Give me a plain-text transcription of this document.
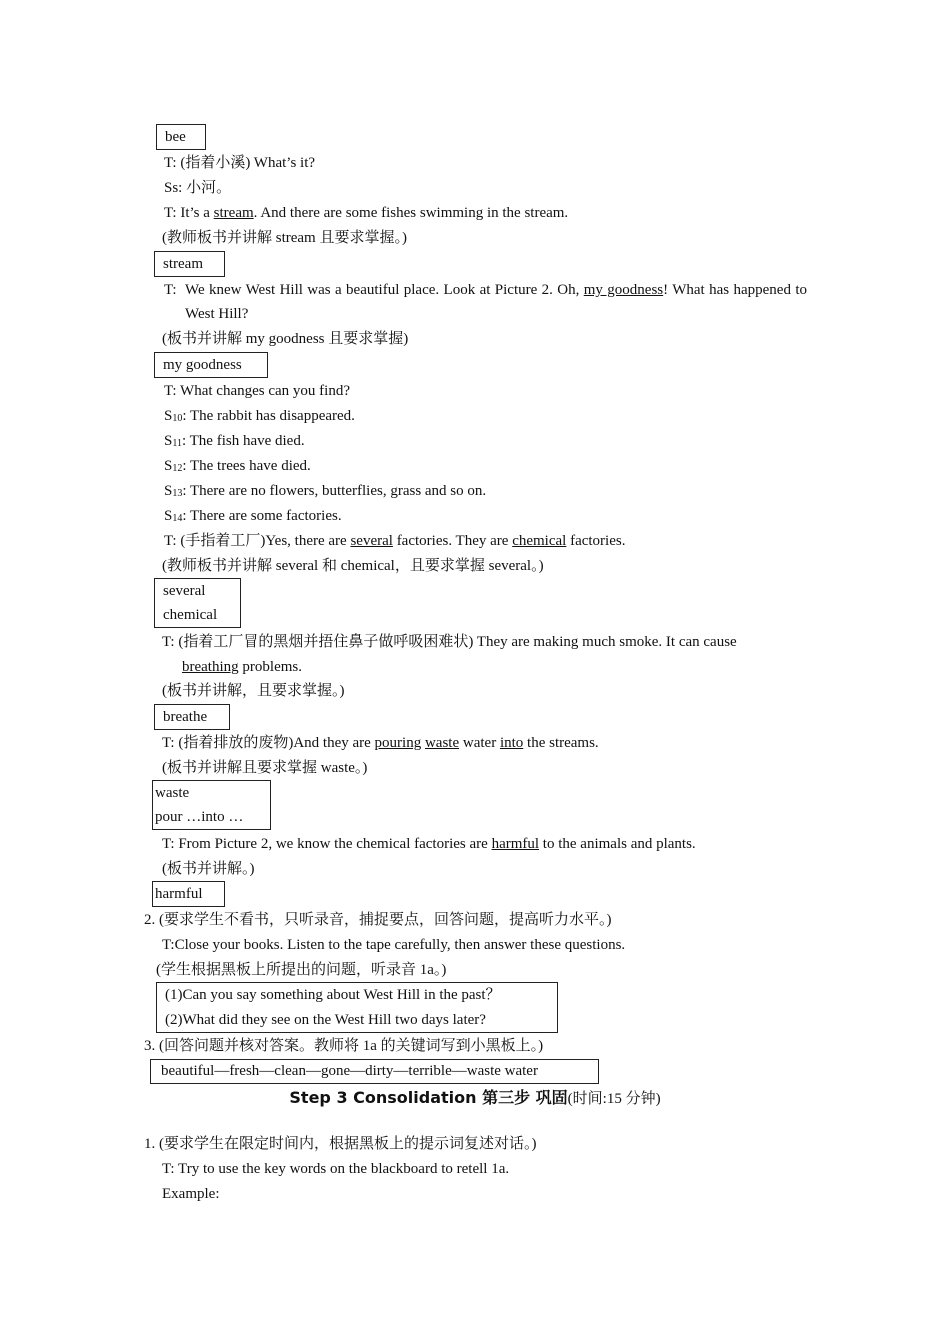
bee
T: (指着小溪) What’s it?
Ss: 小河。
T: It’s a stream. And there are some fishes swimming in the stream.
(教师板书并讲解 stream 且要求掌握。)
stream
T: We knew West Hill was a beautiful place. Look at Picture 2. Oh, my goodness! What has happened to West Hill?
(板书并讲解 my goodness 且要求掌握)
my goodness
T: What changes can you find?
$S_{10}$: The rabbit has disappeared.
$S_{11}$: The fish have died.
$S_{12}$: The trees have died.
$S_{13}$: There are no flowers, butterflies, grass and so on.
$S_{14}$: There are some factories.
T: (手指着工厂)Yes, there are several factories. They are chemical factories.
(教师板书并讲解 several 和 chemical，且要求掌握 several。)
several
chemical
T: (指着工厂冒的黑烟并捂住鼻子做呼吸困难状) They are making much smoke. It can cause
breathing problems.
(板书并讲解，且要求掌握。)
breathe
T: (指着排放的废物)And they are pouring waste water into the streams.
(板书并讲解且要求掌握 waste。)
waste
pour …into …
T: From Picture 2, we know the chemical factories are harmful to the animals and plants.
(板书并讲解。)
harmful
2. (要求学生不看书，只听录音，捕捉要点，回答问题，提高听力水平。)
T:Close your books. Listen to the tape carefully, then answer these questions.
(学生根据黑板上所提出的问题，听录音 1a。)
(1)Can you say something about West Hill in the past？
(2)What did they see on the West Hill two days later?
3. (回答问题并核对答案。教师将 1a 的关键词写到小黑板上。)
beautiful—fresh—clean—gone—dirty—terrible—waste water
Step 3 Consolidation 第三步 巩固(时间:15 分钟)
1. (要求学生在限定时间内，根据黑板上的提示词复述对话。)
T: Try to use the key words on the blackboard to retell 1a.
Example:
